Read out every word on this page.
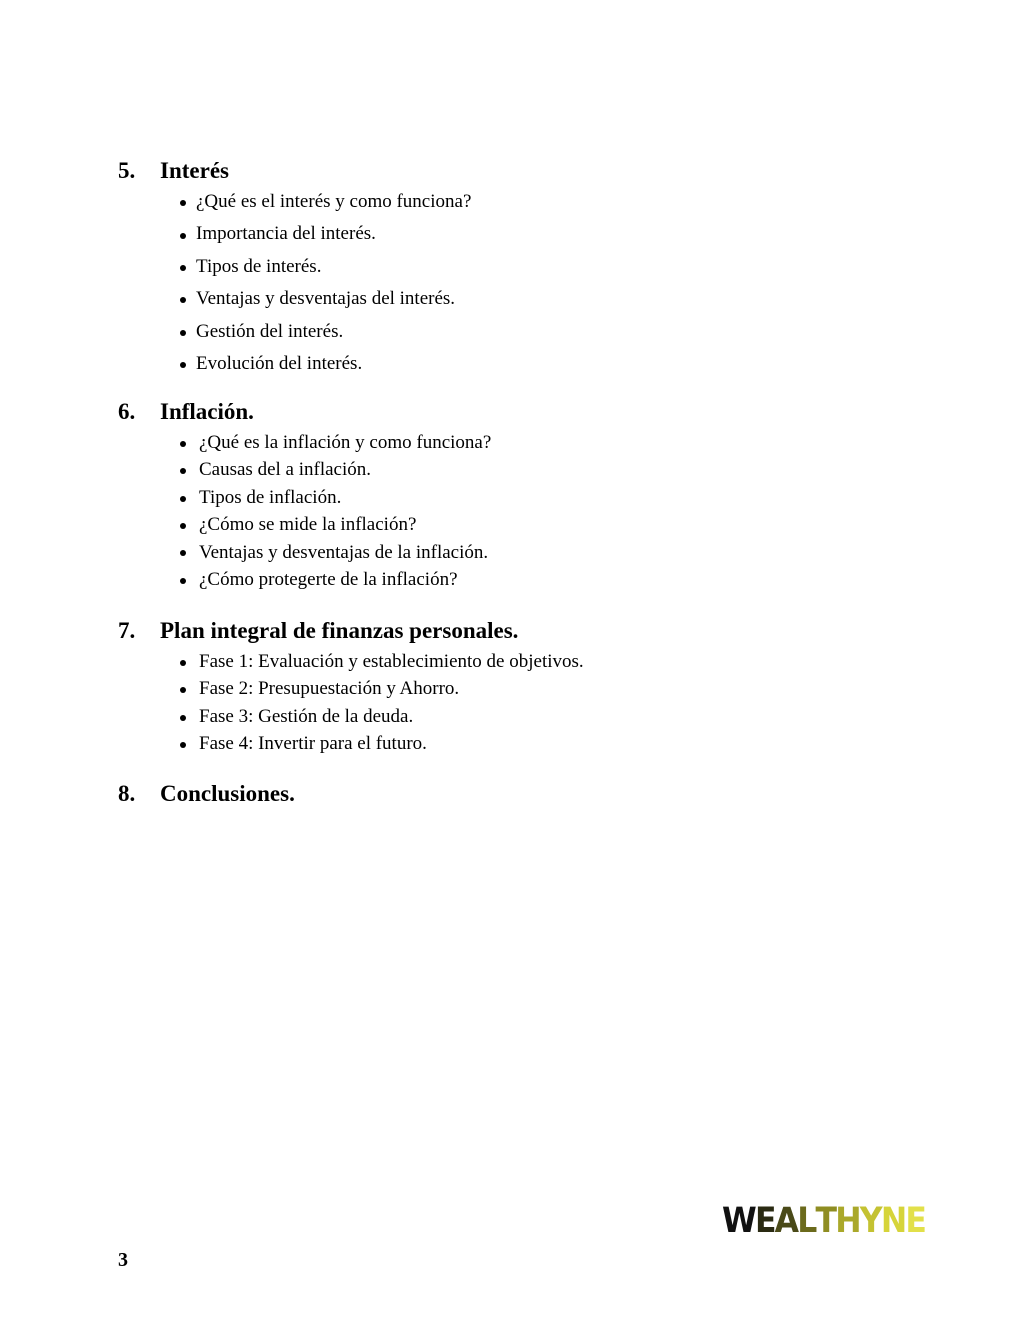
5.	Interés
¿Qué es el interés y como funciona?
Importancia del interés.
Tipos de interés.
Ventajas y desventajas del interés.
Gestión del interés.
Evolución del interés.
6.	Inflación.
¿Qué es la inflación y como funciona?
Causas del a inflación.
Tipos de inflación.
¿Cómo se mide la inflación?
Ventajas y desventajas de la inflación.
¿Cómo protegerte de la inflación?
7.	Plan integral de finanzas personales.
Fase 1: Evaluación y establecimiento de objetivos.
Fase 2: Presupuestación y Ahorro.
Fase 3: Gestión de la deuda.
Fase 4: Invertir para el futuro.
8.	Conclusiones.
WEALTHYNE
3
